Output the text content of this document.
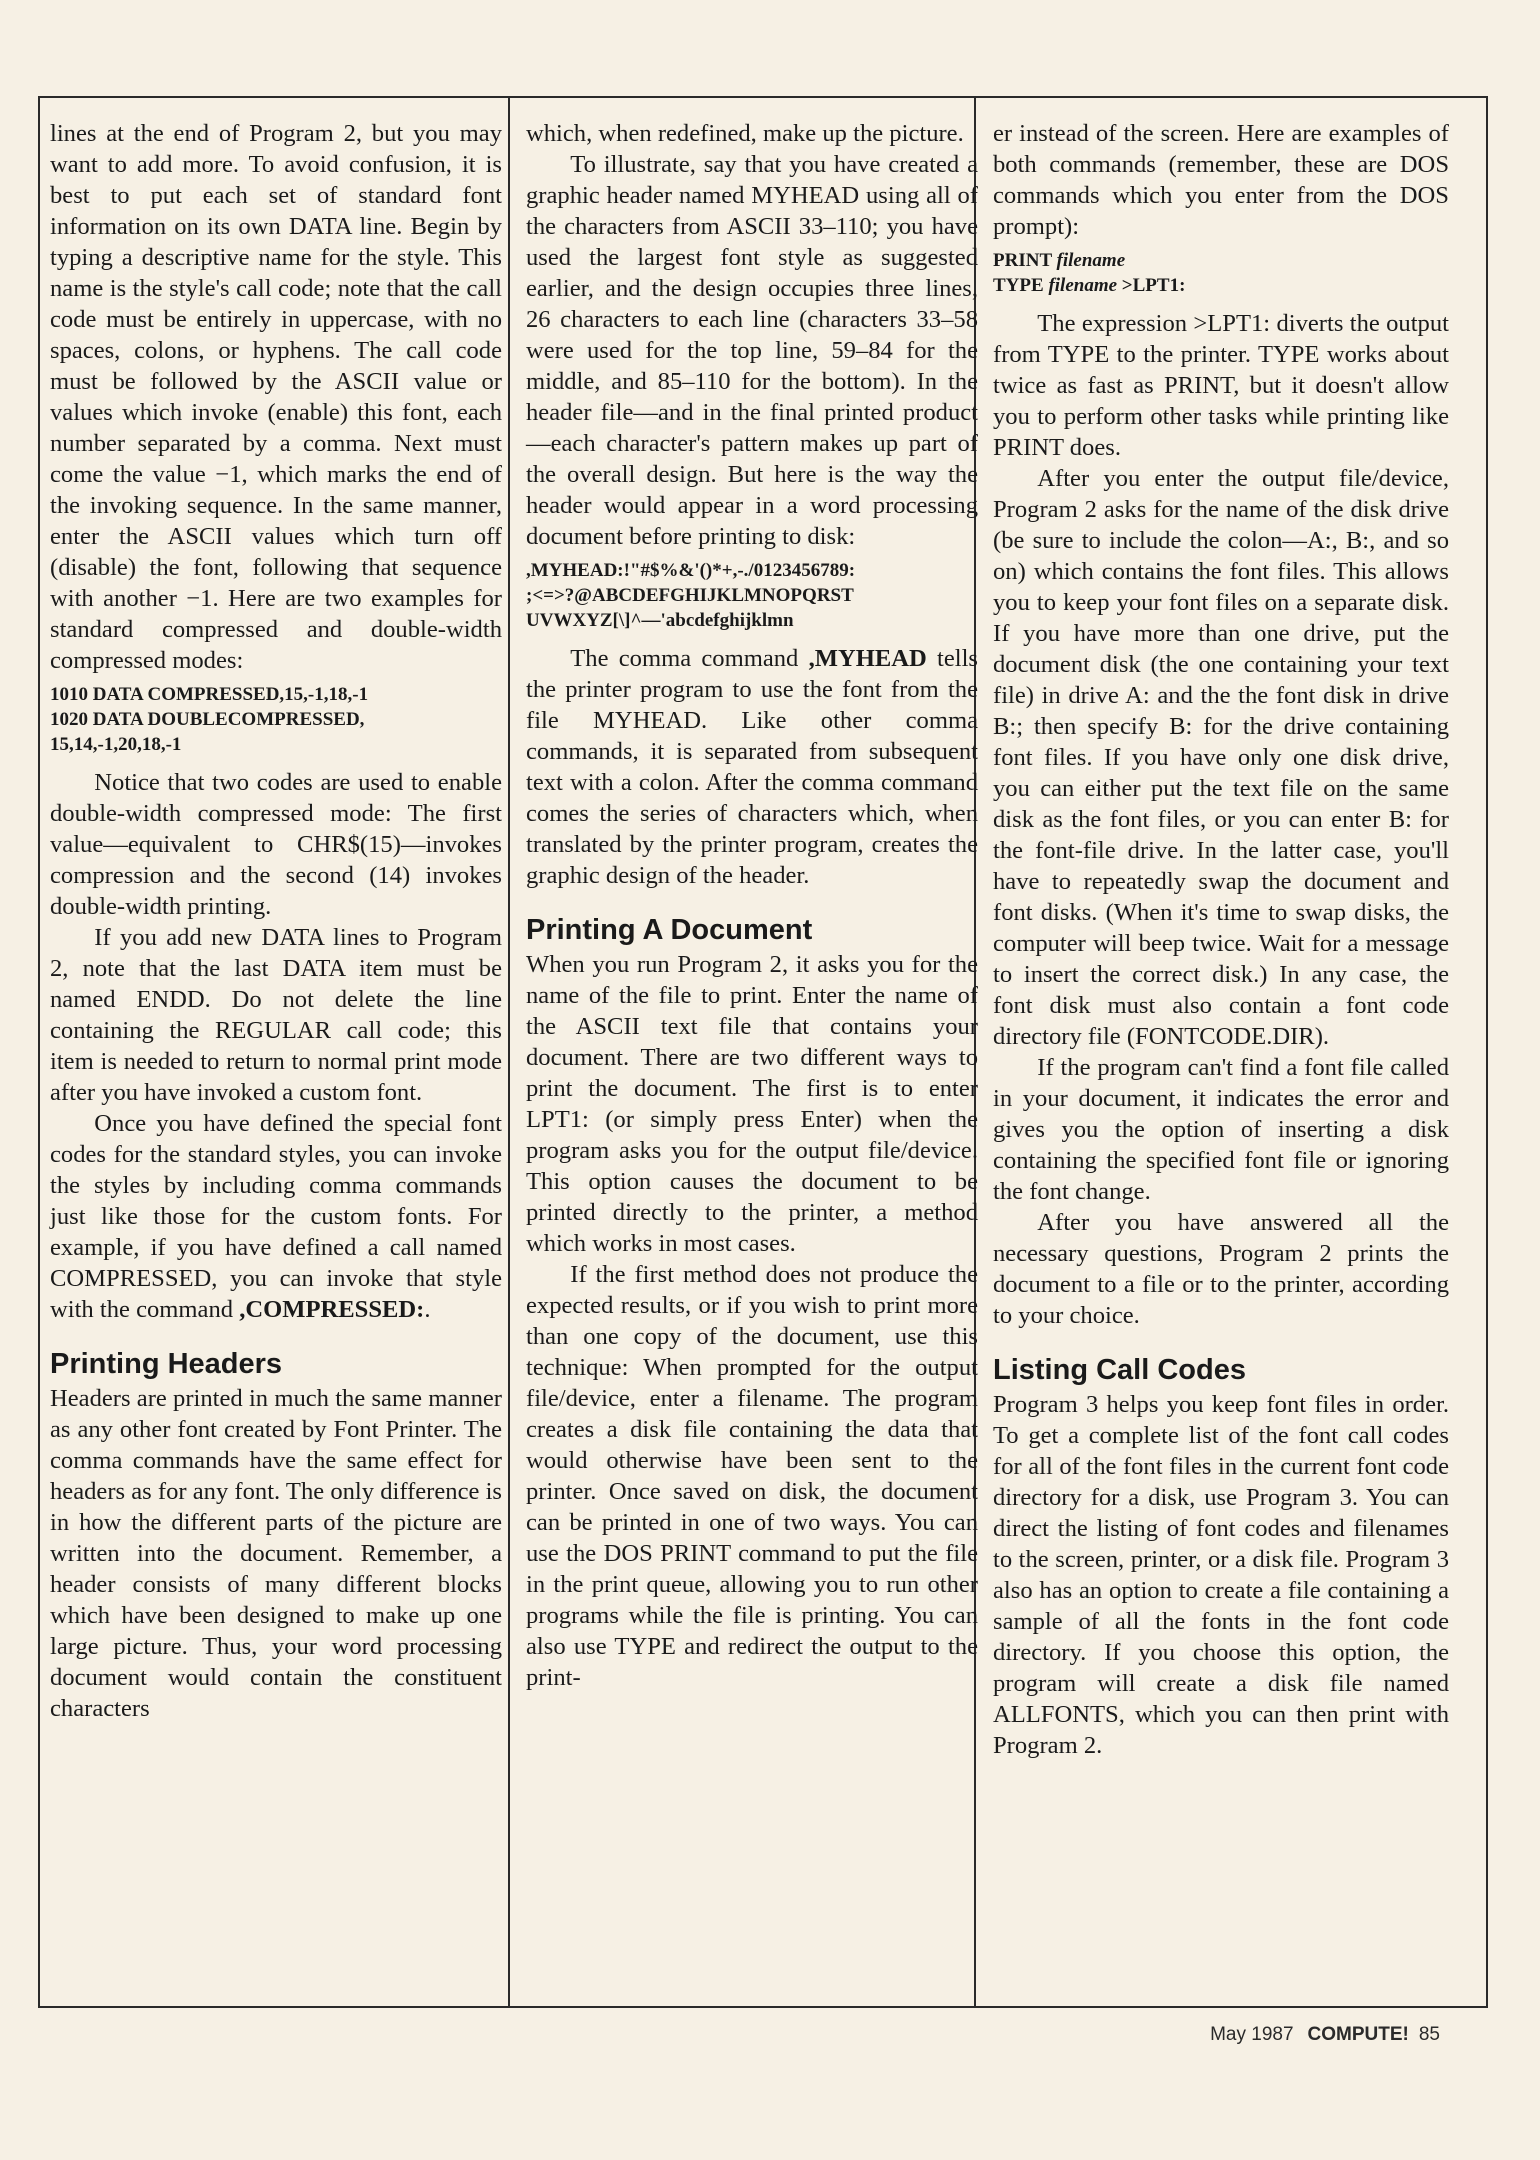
lines at the end of Program 2, but you may want to add more. To avoid confusion, it is best to put each set of standard font information on its own DATA line. Begin by typing a descriptive name for the style. This name is the style's call code; note that the call code must be entirely in uppercase, with no spaces, colons, or hyphens. The call code must be followed by the ASCII value or values which invoke (enable) this font, each number separated by a comma. Next must come the value −1, which marks the end of the invoking sequence. In the same manner, enter the ASCII values which turn off (disable) the font, following that sequence with another −1. Here are two examples for standard compressed and double-width compressed modes:

1010 DATA COMPRESSED,15,-1,18,-1
1020 DATA DOUBLECOMPRESSED,
15,14,-1,20,18,-1

Notice that two codes are used to enable double-width compressed mode: The first value—equivalent to CHR$(15)—invokes compression and the second (14) invokes double-width printing.

If you add new DATA lines to Program 2, note that the last DATA item must be named ENDD. Do not delete the line containing the REGULAR call code; this item is needed to return to normal print mode after you have invoked a custom font.

Once you have defined the special font codes for the standard styles, you can invoke the styles by including comma commands just like those for the custom fonts. For example, if you have defined a call named COMPRESSED, you can invoke that style with the command ,COMPRESSED:.

Printing Headers

Headers are printed in much the same manner as any other font created by Font Printer. The comma commands have the same effect for headers as for any font. The only difference is in how the different parts of the picture are written into the document. Remember, a header consists of many different blocks which have been designed to make up one large picture. Thus, your word processing document would contain the constituent characters

which, when redefined, make up the picture.

To illustrate, say that you have created a graphic header named MYHEAD using all of the characters from ASCII 33–110; you have used the largest font style as suggested earlier, and the design occupies three lines, 26 characters to each line (characters 33–58 were used for the top line, 59–84 for the middle, and 85–110 for the bottom). In the header file—and in the final printed product—each character's pattern makes up part of the overall design. But here is the way the header would appear in a word processing document before printing to disk:

,MYHEAD:!"#$%&'()*+,-./0123456789:
;<=>?@ABCDEFGHIJKLMNOPQRST
UVWXYZ[\]^—'abcdefghijklmn

The comma command ,MYHEAD tells the printer program to use the font from the file MYHEAD. Like other comma commands, it is separated from subsequent text with a colon. After the comma command comes the series of characters which, when translated by the printer program, creates the graphic design of the header.

Printing A Document

When you run Program 2, it asks you for the name of the file to print. Enter the name of the ASCII text file that contains your document. There are two different ways to print the document. The first is to enter LPT1: (or simply press Enter) when the program asks you for the output file/device. This option causes the document to be printed directly to the printer, a method which works in most cases.

If the first method does not produce the expected results, or if you wish to print more than one copy of the document, use this technique: When prompted for the output file/device, enter a filename. The program creates a disk file containing the data that would otherwise have been sent to the printer. Once saved on disk, the document can be printed in one of two ways. You can use the DOS PRINT command to put the file in the print queue, allowing you to run other programs while the file is printing. You can also use TYPE and redirect the output to the print-

er instead of the screen. Here are examples of both commands (remember, these are DOS commands which you enter from the DOS prompt):

PRINT filename
TYPE filename >LPT1:

The expression >LPT1: diverts the output from TYPE to the printer. TYPE works about twice as fast as PRINT, but it doesn't allow you to perform other tasks while printing like PRINT does.

After you enter the output file/device, Program 2 asks for the name of the disk drive (be sure to include the colon—A:, B:, and so on) which contains the font files. This allows you to keep your font files on a separate disk. If you have more than one drive, put the document disk (the one containing your text file) in drive A: and the the font disk in drive B:; then specify B: for the drive containing font files. If you have only one disk drive, you can either put the text file on the same disk as the font files, or you can enter B: for the font-file drive. In the latter case, you'll have to repeatedly swap the document and font disks. (When it's time to swap disks, the computer will beep twice. Wait for a message to insert the correct disk.) In any case, the font disk must also contain a font code directory file (FONTCODE.DIR).

If the program can't find a font file called in your document, it indicates the error and gives you the option of inserting a disk containing the specified font file or ignoring the font change.

After you have answered all the necessary questions, Program 2 prints the document to a file or to the printer, according to your choice.

Listing Call Codes

Program 3 helps you keep font files in order. To get a complete list of the font call codes for all of the font files in the current font code directory for a disk, use Program 3. You can direct the listing of font codes and filenames to the screen, printer, or a disk file. Program 3 also has an option to create a file containing a sample of all the fonts in the font code directory. If you choose this option, the program will create a disk file named ALLFONTS, which you can then print with Program 2.

May 1987 COMPUTE! 85
